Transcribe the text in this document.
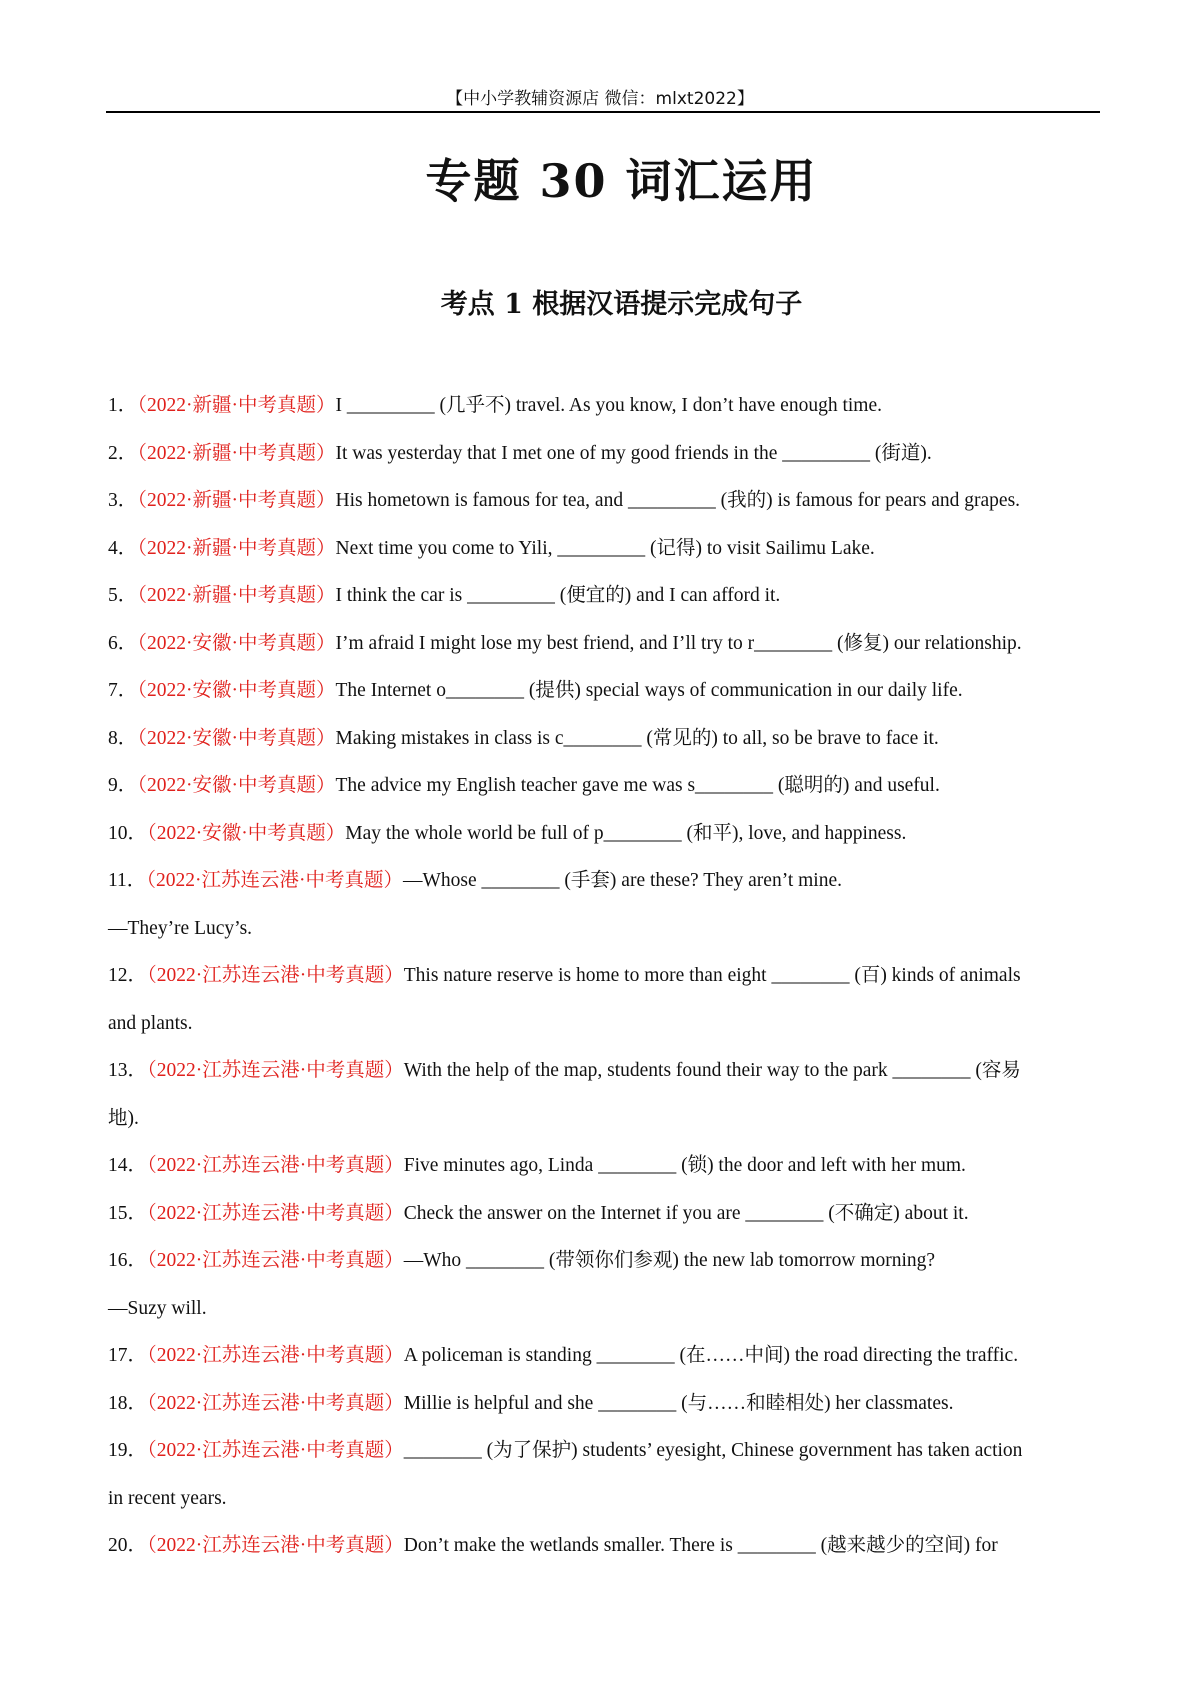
【中小学教辅资源店 微信：mlxt2022】
专题 30 词汇运用
考点 1 根据汉语提示完成句子
1．（2022·新疆·中考真题）I _________ (几乎不) travel. As you know, I don’t have enough time.
2．（2022·新疆·中考真题）It was yesterday that I met one of my good friends in the _________ (街道).
3．（2022·新疆·中考真题）His hometown is famous for tea, and _________ (我的) is famous for pears and grapes.
4．（2022·新疆·中考真题）Next time you come to Yili, _________ (记得) to visit Sailimu Lake.
5．（2022·新疆·中考真题）I think the car is _________ (便宜的) and I can afford it.
6．（2022·安徽·中考真题）I’m afraid I might lose my best friend, and I’ll try to r________ (修复) our relationship.
7．（2022·安徽·中考真题）The Internet o________ (提供) special ways of communication in our daily life.
8．（2022·安徽·中考真题）Making mistakes in class is c________ (常见的) to all, so be brave to face it.
9．（2022·安徽·中考真题）The advice my English teacher gave me was s________ (聪明的) and useful.
10．（2022·安徽·中考真题）May the whole world be full of p________ (和平), love, and happiness.
11．（2022·江苏连云港·中考真题）—Whose ________ (手套) are these? They aren’t mine.
—They’re Lucy’s.
12．（2022·江苏连云港·中考真题）This nature reserve is home to more than eight ________ (百) kinds of animals
and plants.
13．（2022·江苏连云港·中考真题）With the help of the map, students found their way to the park ________ (容易
地).
14．（2022·江苏连云港·中考真题）Five minutes ago, Linda ________ (锁) the door and left with her mum.
15．（2022·江苏连云港·中考真题）Check the answer on the Internet if you are ________ (不确定) about it.
16．（2022·江苏连云港·中考真题）—Who ________ (带领你们参观) the new lab tomorrow morning?
—Suzy will.
17．（2022·江苏连云港·中考真题）A policeman is standing ________ (在……中间) the road directing the traffic.
18．（2022·江苏连云港·中考真题）Millie is helpful and she ________ (与……和睦相处) her classmates.
19．（2022·江苏连云港·中考真题）________ (为了保护) students’ eyesight, Chinese government has taken action
in recent years.
20．（2022·江苏连云港·中考真题）Don’t make the wetlands smaller. There is ________ (越来越少的空间) for
